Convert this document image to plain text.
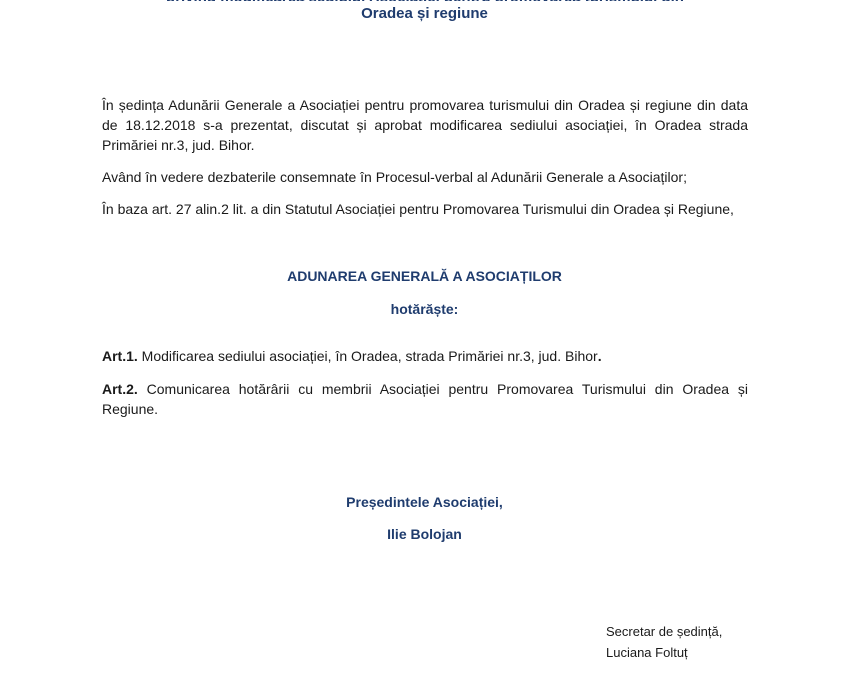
Oradea și regiune

În ședința Adunării Generale a Asociației pentru promovarea turismului din Oradea și regiune din data de 18.12.2018 s-a prezentat, discutat și aprobat modificarea sediului asociației, în Oradea strada Primăriei nr.3, jud. Bihor.

Având în vedere dezbaterile consemnate în Procesul-verbal al Adunării Generale a Asociaților;

În baza art. 27 alin.2 lit. a din Statutul Asociației pentru Promovarea Turismului din Oradea și Regiune,

ADUNAREA GENERALĂ A ASOCIAȚILOR
hotărăște:

Art.1. Modificarea sediului asociației, în Oradea, strada Primăriei nr.3, jud. Bihor.

Art.2. Comunicarea hotărârii cu membrii Asociației pentru Promovarea Turismului din Oradea și Regiune.

Președintele Asociației,
Ilie Bolojan
Secretar de ședință,
Luciana Foltuț
